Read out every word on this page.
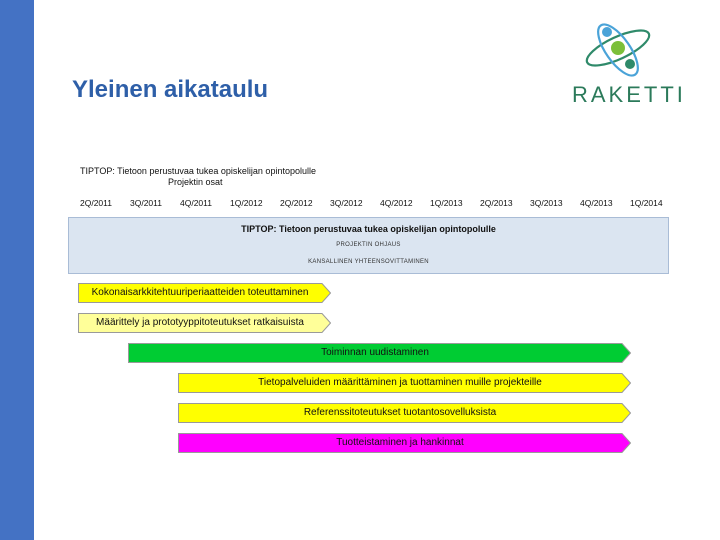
Yleinen aikataulu	RAKETTI
TIPTOP: Tietoon perustuvaa tukea opiskelijan opintopolulle
Projektin osat
2Q/2011 3Q/2011 4Q/2011 1Q/2012 2Q/2012 3Q/2012 4Q/2012 1Q/2013 2Q/2013 3Q/2013 4Q/2013 1Q/2014
TIPTOP: Tietoon perustuvaa tukea opiskelijan opintopolulle
PROJEKTIN OHJAUS
KANSALLINEN YHTEENSOVITTAMINEN
Kokonaisarkkitehtuuriperiaatteiden toteuttaminen
Määrittely ja prototyyppitoteutukset ratkaisuista
Toiminnan uudistaminen
Tietopalveluiden määrittäminen ja tuottaminen muille projekteille
Referenssitoteutukset tuotantosovelluksista
Tuotteistaminen ja hankinnat
